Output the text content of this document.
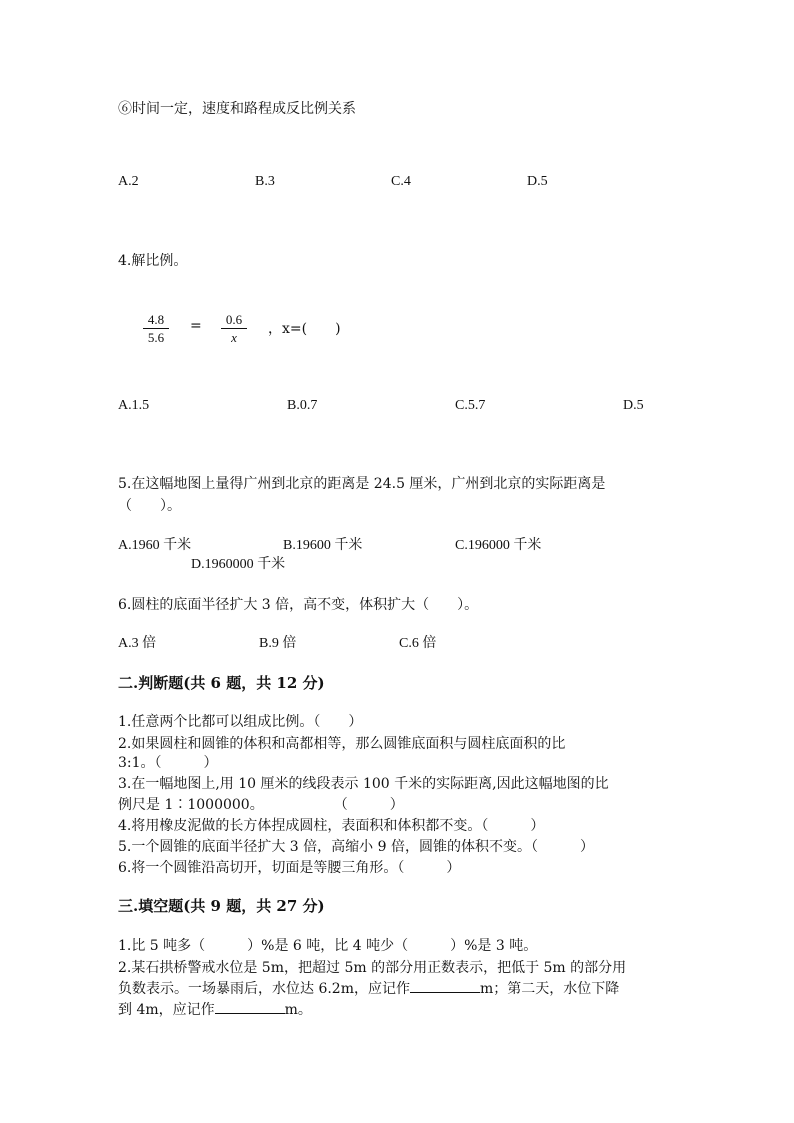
⑥时间一定，速度和路程成反比例关系
A.2	B.3	C.4	D.5
4.解比例。
4.8
5.6
=	0.6
x
，x=(　　)
A.1.5	B.0.7	C.5.7	D.5
5.在这幅地图上量得广州到北京的距离是 24.5 厘米，广州到北京的实际距离是
（　　）。
A.1960 千米	B.19600 千米	C.196000 千米
D.1960000 千米
6.圆柱的底面半径扩大 3 倍，高不变，体积扩大（　　）。
A.3 倍	B.9 倍	C.6 倍
二.判断题(共 6 题，共 12 分)
1.任意两个比都可以组成比例。（　　）
2.如果圆柱和圆锥的体积和高都相等，那么圆锥底面积与圆柱底面积的比
3:1。（　　　）
3.在一幅地图上,用 10 厘米的线段表示 100 千米的实际距离,因此这幅地图的比
例尺是 1∶1000000。　　　　　　（　　　）
4.将用橡皮泥做的长方体捏成圆柱，表面积和体积都不变。（　　　）
5.一个圆锥的底面半径扩大 3 倍，高缩小 9 倍，圆锥的体积不变。（　　　）
6.将一个圆锥沿高切开，切面是等腰三角形。（　　　）
三.填空题(共 9 题，共 27 分)
1.比 5 吨多（　　　）%是 6 吨，比 4 吨少（　　　）%是 3 吨。
2.某石拱桥警戒水位是 5m，把超过 5m 的部分用正数表示，把低于 5m 的部分用
负数表示。一场暴雨后，水位达 6.2m，应记作	m；第二天，水位下降
到 4m，应记作	m。
